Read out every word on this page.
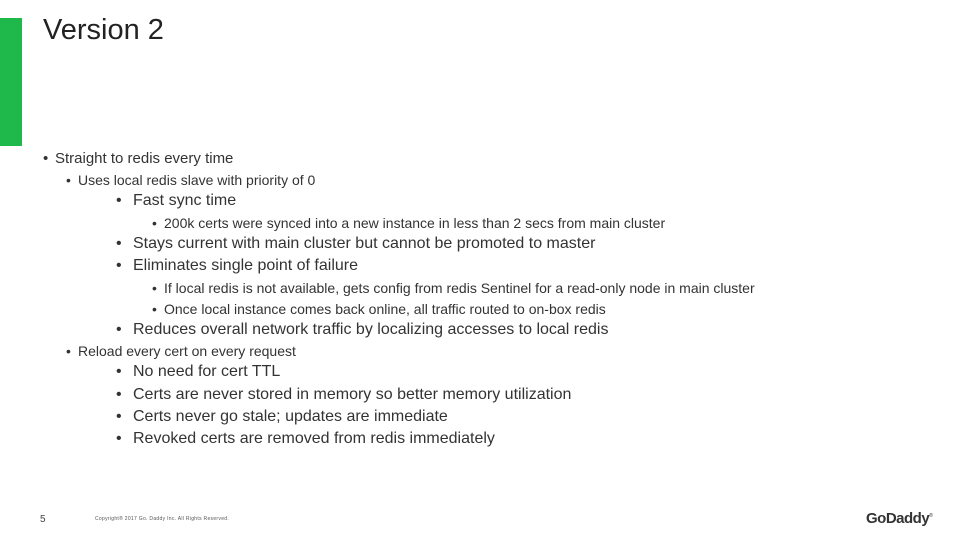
Version 2
• Straight to redis every time
• Uses local redis slave with priority of 0
• Fast sync time
• 200k certs were synced into a new instance in less than 2 secs from main cluster
• Stays current with main cluster but cannot be promoted to master
• Eliminates single point of failure
• If local redis is not available, gets config from redis Sentinel for a read-only node in main cluster
• Once local instance comes back online, all traffic routed to on-box redis
• Reduces overall network traffic by localizing accesses to local redis
• Reload every cert on every request
• No need for cert TTL
• Certs are never stored in memory so better memory utilization
• Certs never go stale; updates are immediate
• Revoked certs are removed from redis immediately
5	Copyright® 2017 Go. Daddy Inc. All Rights Reserved.	GoDaddy®
